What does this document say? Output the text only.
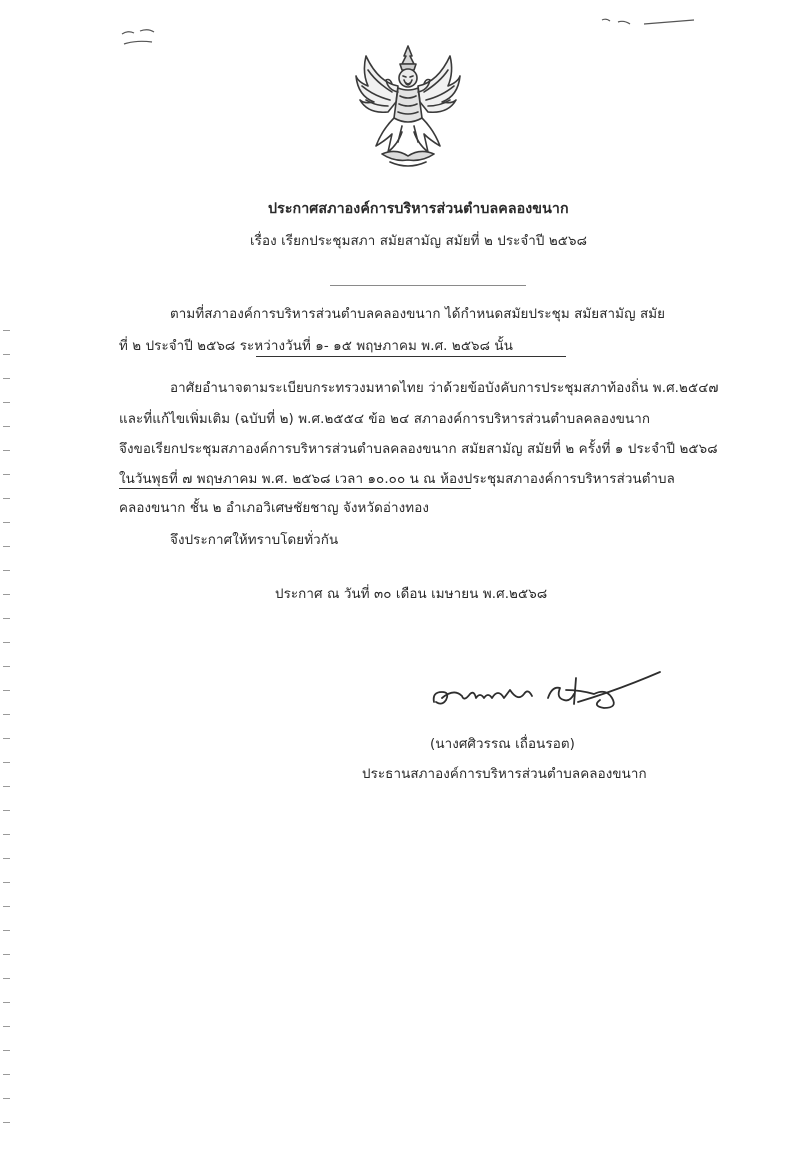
ประกาศสภาองค์การบริหารส่วนตำบลคลองขนาก
เรื่อง เรียกประชุมสภา สมัยสามัญ สมัยที่ ๒ ประจำปี ๒๕๖๘
ตามที่สภาองค์การบริหารส่วนตำบลคลองขนาก ได้กำหนดสมัยประชุม สมัยสามัญ สมัย
ที่ ๒ ประจำปี ๒๕๖๘ ระหว่างวันที่ ๑- ๑๕ พฤษภาคม พ.ศ. ๒๕๖๘ นั้น
อาศัยอำนาจตามระเบียบกระทรวงมหาดไทย ว่าด้วยข้อบังคับการประชุมสภาท้องถิ่น พ.ศ.๒๕๔๗
และที่แก้ไขเพิ่มเติม (ฉบับที่ ๒) พ.ศ.๒๕๕๔ ข้อ ๒๔ สภาองค์การบริหารส่วนตำบลคลองขนาก
จึงขอเรียกประชุมสภาองค์การบริหารส่วนตำบลคลองขนาก สมัยสามัญ สมัยที่ ๒ ครั้งที่ ๑ ประจำปี ๒๕๖๘
ในวันพุธที่ ๗ พฤษภาคม พ.ศ. ๒๕๖๘ เวลา ๑๐.๐๐ น ณ ห้องประชุมสภาองค์การบริหารส่วนตำบล
คลองขนาก ชั้น ๒ อำเภอวิเศษชัยชาญ จังหวัดอ่างทอง
จึงประกาศให้ทราบโดยทั่วกัน
ประกาศ ณ วันที่ ๓๐ เดือน เมษายน พ.ศ.๒๕๖๘
(นางศศิวรรณ เถื่อนรอต)
ประธานสภาองค์การบริหารส่วนตำบลคลองขนาก
